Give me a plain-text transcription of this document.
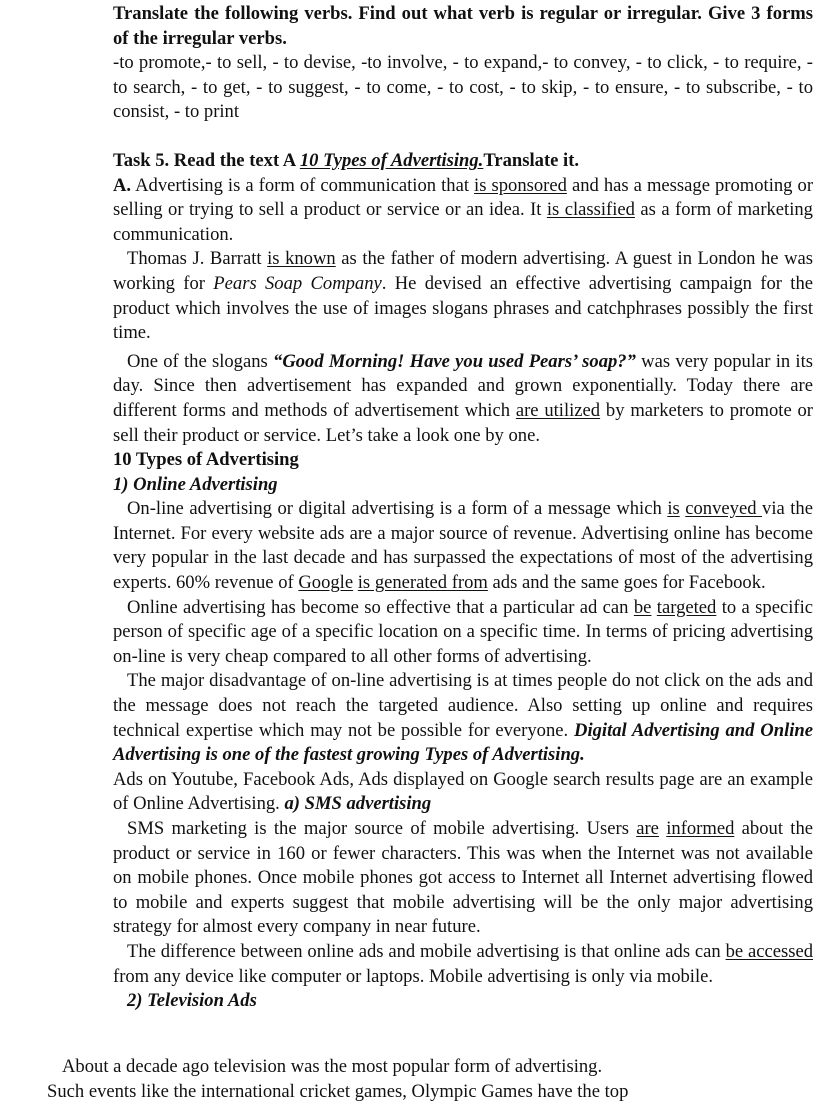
Translate the following verbs. Find out what verb is regular or irregular. Give 3 forms of the irregular verbs.

-to promote,- to sell, - to devise, -to involve, - to expand,- to convey, - to click, - to require, - to search, - to get, - to suggest, - to come, - to cost, - to skip, - to ensure, - to subscribe, - to consist, - to print

Task 5. Read the text A 10 Types of Advertising.Translate it.

A. Advertising is a form of communication that is sponsored and has a message promoting or selling or trying to sell a product or service or an idea. It is classified as a form of marketing communication.

Thomas J. Barratt is known as the father of modern advertising. A guest in London he was working for Pears Soap Company. He devised an effective advertising campaign for the product which involves the use of images slogans phrases and catchphrases possibly the first time.

One of the slogans “Good Morning! Have you used Pears’ soap?” was very popular in its day. Since then advertisement has expanded and grown exponentially. Today there are different forms and methods of advertisement which are utilized by marketers to promote or sell their product or service. Let’s take a look one by one.

10 Types of Advertising

1) Online Advertising

On-line advertising or digital advertising is a form of a message which is conveyed via the Internet. For every website ads are a major source of revenue. Advertising online has become very popular in the last decade and has surpassed the expectations of most of the advertising experts. 60% revenue of Google is generated from ads and the same goes for Facebook.

Online advertising has become so effective that a particular ad can be targeted to a specific person of specific age of a specific location on a specific time. In terms of pricing advertising on-line is very cheap compared to all other forms of advertising.

The major disadvantage of on-line advertising is at times people do not click on the ads and the message does not reach the targeted audience. Also setting up online and requires technical expertise which may not be possible for everyone. Digital Advertising and Online Advertising is one of the fastest growing Types of Advertising.

Ads on Youtube, Facebook Ads, Ads displayed on Google search results page are an example of Online Advertising. a) SMS advertising

SMS marketing is the major source of mobile advertising. Users are informed about the product or service in 160 or fewer characters. This was when the Internet was not available on mobile phones. Once mobile phones got access to Internet all Internet advertising flowed to mobile and experts suggest that mobile advertising will be the only major advertising strategy for almost every company in near future.

The difference between online ads and mobile advertising is that online ads can be accessed from any device like computer or laptops. Mobile advertising is only via mobile.

2) Television Ads

About a decade ago television was the most popular form of advertising.

Such events like the international cricket games, Olympic Games have the top
